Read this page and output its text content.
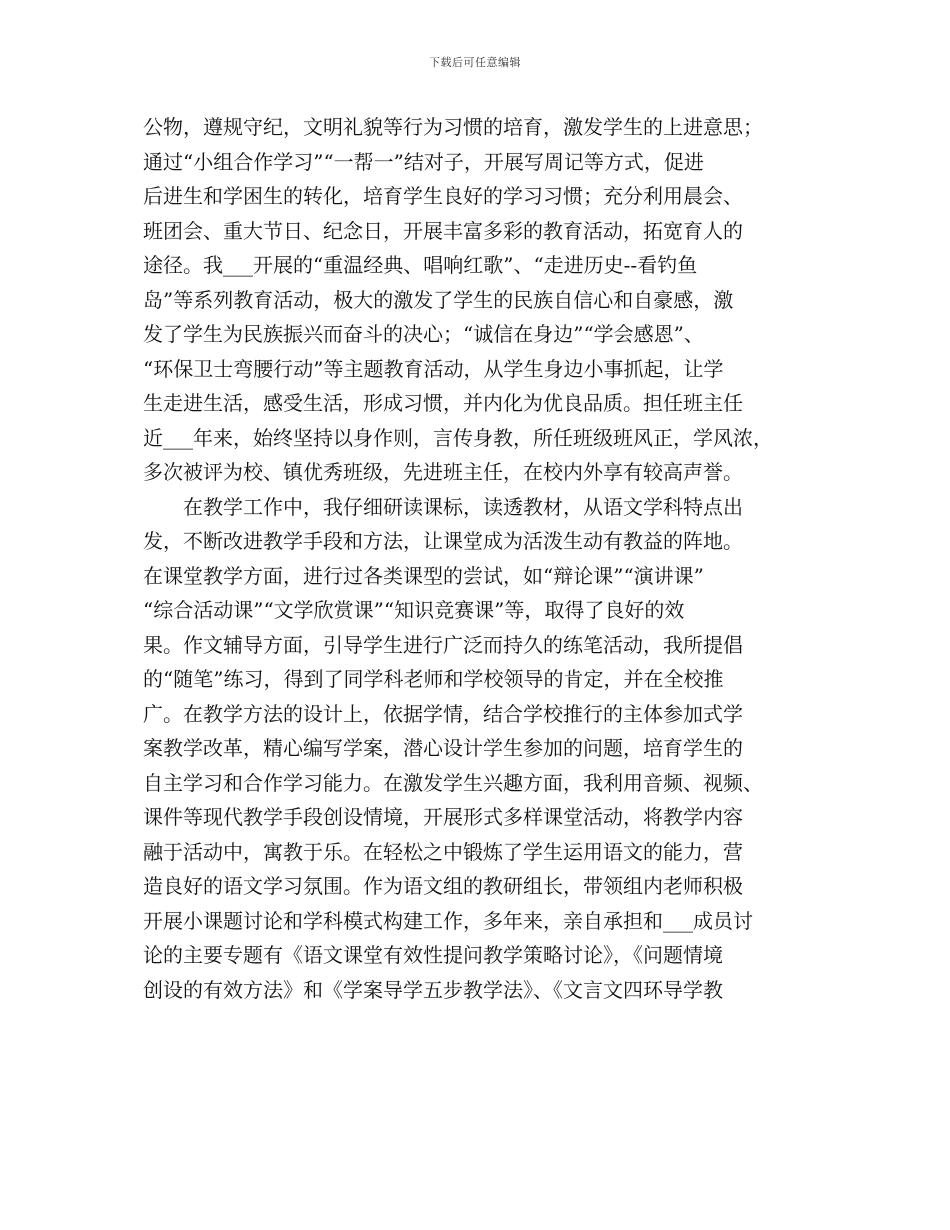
下载后可任意编辑
公物，遵规守纪，文明礼貌等行为习惯的培育，激发学生的上进意思；
通过“小组合作学习”“一帮一”结对子，开展写周记等方式，促进
后进生和学困生的转化，培育学生良好的学习习惯；充分利用晨会、
班团会、重大节日、纪念日，开展丰富多彩的教育活动，拓宽育人的
途径。我___开展的“重温经典、唱响红歌”、“走进历史--看钓鱼
岛”等系列教育活动，极大的激发了学生的民族自信心和自豪感，激
发了学生为民族振兴而奋斗的决心；“诚信在身边”“学会感恩”、
“环保卫士弯腰行动”等主题教育活动，从学生身边小事抓起，让学
生走进生活，感受生活，形成习惯，并内化为优良品质。担任班主任
近___年来，始终坚持以身作则，言传身教，所任班级班风正，学风浓，
多次被评为校、镇优秀班级，先进班主任，在校内外享有较高声誉。
　　在教学工作中，我仔细研读课标，读透教材，从语文学科特点出
发，不断改进教学手段和方法，让课堂成为活泼生动有教益的阵地。
在课堂教学方面，进行过各类课型的尝试，如“辩论课”“演讲课”
“综合活动课”“文学欣赏课”“知识竞赛课”等，取得了良好的效
果。作文辅导方面，引导学生进行广泛而持久的练笔活动，我所提倡
的“随笔”练习，得到了同学科老师和学校领导的肯定，并在全校推
广。在教学方法的设计上，依据学情，结合学校推行的主体参加式学
案教学改革，精心编写学案，潜心设计学生参加的问题，培育学生的
自主学习和合作学习能力。在激发学生兴趣方面，我利用音频、视频、
课件等现代教学手段创设情境，开展形式多样课堂活动，将教学内容
融于活动中，寓教于乐。在轻松之中锻炼了学生运用语文的能力，营
造良好的语文学习氛围。作为语文组的教研组长，带领组内老师积极
开展小课题讨论和学科模式构建工作，多年来，亲自承担和___成员讨
论的主要专题有《语文课堂有效性提问教学策略讨论》，《问题情境
创设的有效方法》和《学案导学五步教学法》、《文言文四环导学教
